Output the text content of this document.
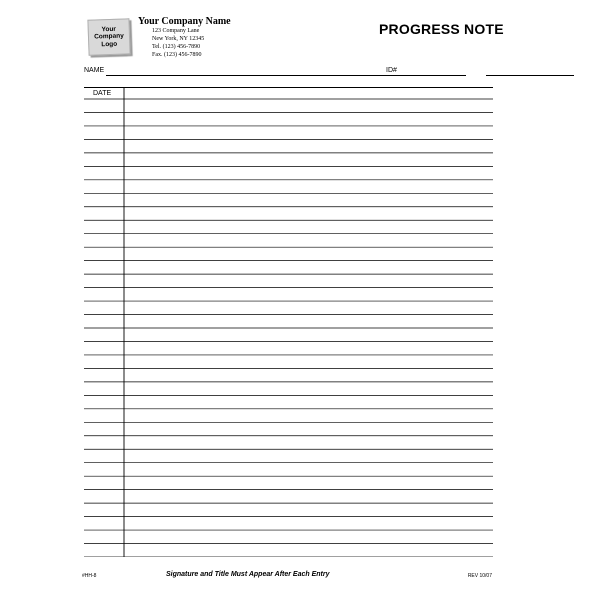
Your
Company
Logo
Your Company Name
123 Company Lane
New York, NY 12345
Tel. (123) 456-7890
Fax. (123) 456-7890
PROGRESS NOTE
NAME	ID#
DATE
#HH-8	Signature and Title Must Appear After Each Entry	REV 10/07
